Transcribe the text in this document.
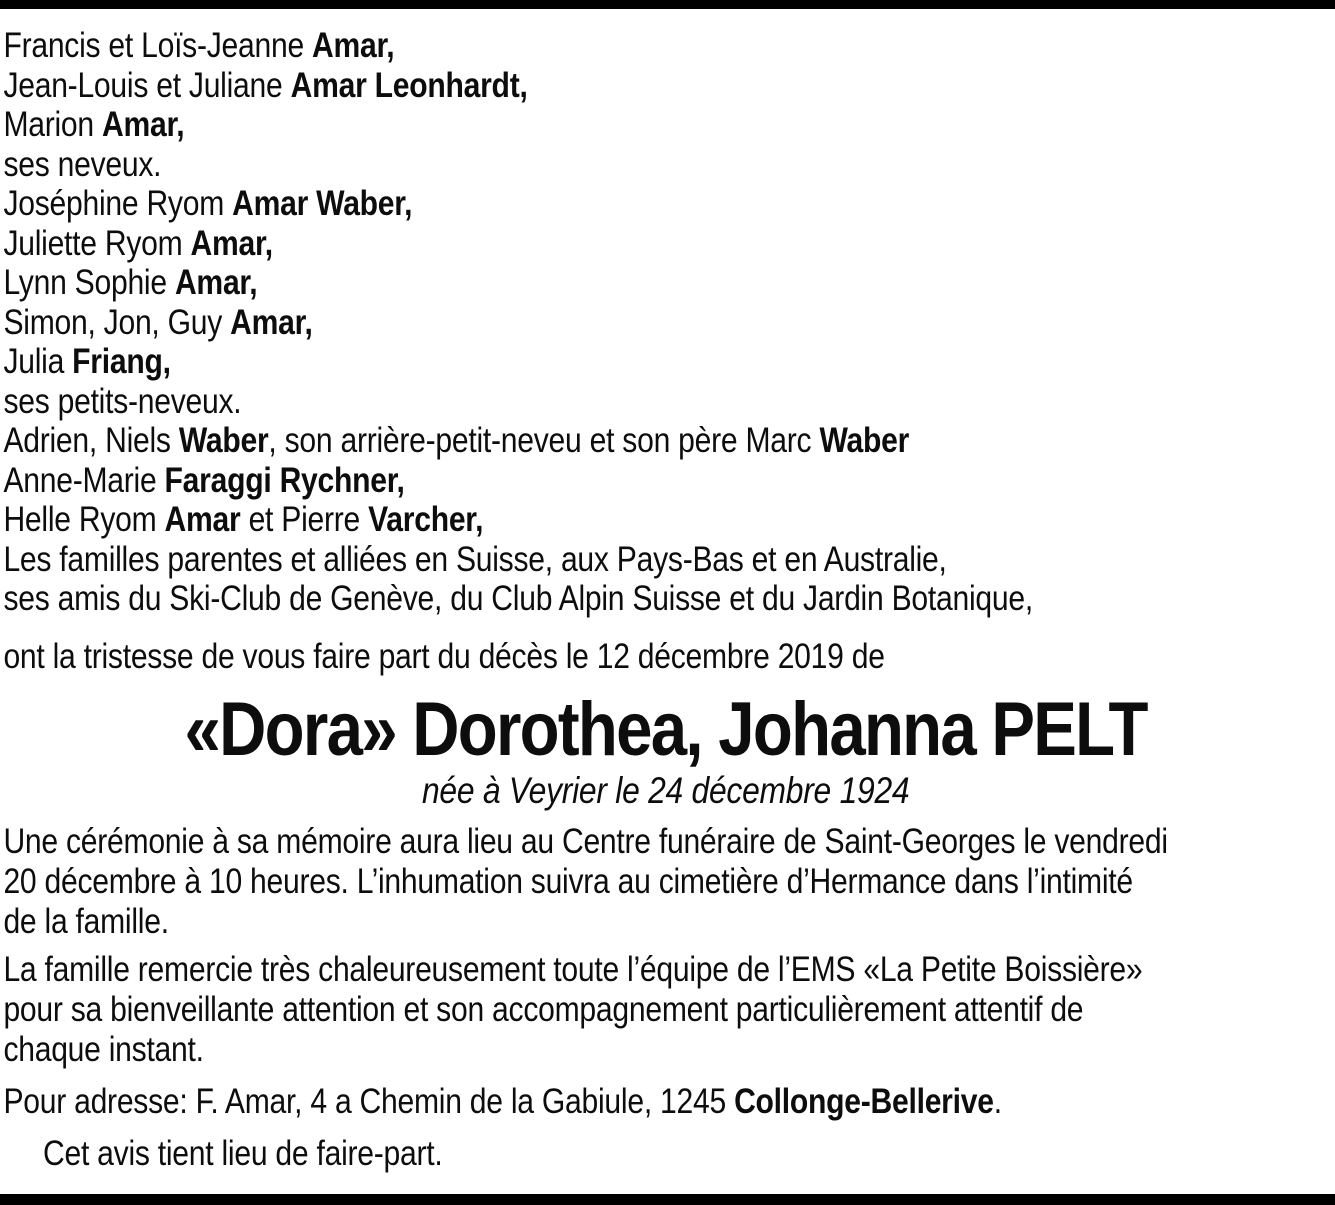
Francis et Loïs-Jeanne Amar,
Jean-Louis et Juliane Amar Leonhardt,
Marion Amar,
ses neveux.
Joséphine Ryom Amar Waber,
Juliette Ryom Amar,
Lynn Sophie Amar,
Simon, Jon, Guy Amar,
Julia Friang,
ses petits-neveux.
Adrien, Niels Waber, son arrière-petit-neveu et son père Marc Waber
Anne-Marie Faraggi Rychner,
Helle Ryom Amar et Pierre Varcher,
Les familles parentes et alliées en Suisse, aux Pays-Bas et en Australie,
ses amis du Ski-Club de Genève, du Club Alpin Suisse et du Jardin Botanique,
ont la tristesse de vous faire part du décès le 12 décembre 2019 de
«Dora» Dorothea, Johanna PELT
née à Veyrier le 24 décembre 1924
Une cérémonie à sa mémoire aura lieu au Centre funéraire de Saint-Georges le vendredi
20 décembre à 10 heures. L’inhumation suivra au cimetière d’Hermance dans l’intimité
de la famille.
La famille remercie très chaleureusement toute l’équipe de l’EMS «La Petite Boissière»
pour sa bienveillante attention et son accompagnement particulièrement attentif de
chaque instant.
Pour adresse: F. Amar, 4 a Chemin de la Gabiule, 1245 Collonge-Bellerive.
Cet avis tient lieu de faire-part.
